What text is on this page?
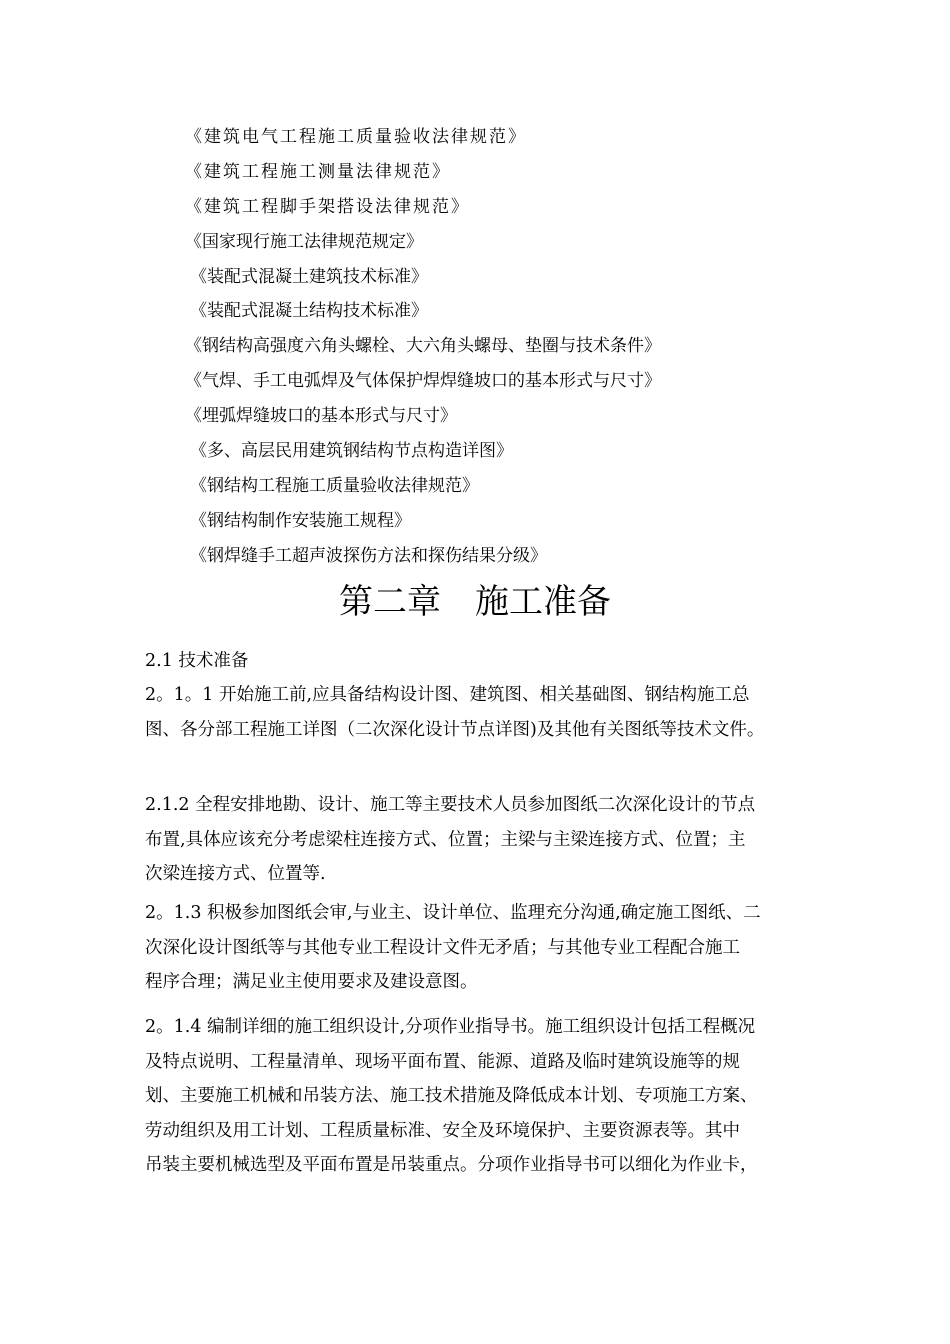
《建筑电气工程施工质量验收法律规范》
《建筑工程施工测量法律规范》
《建筑工程脚手架搭设法律规范》
《国家现行施工法律规范规定》
《装配式混凝土建筑技术标准》
《装配式混凝土结构技术标准》
《钢结构高强度六角头螺栓、大六角头螺母、垫圈与技术条件》
《气焊、手工电弧焊及气体保护焊焊缝坡口的基本形式与尺寸》
《埋弧焊缝坡口的基本形式与尺寸》
《多、高层民用建筑钢结构节点构造详图》
《钢结构工程施工质量验收法律规范》
《钢结构制作安装施工规程》
《钢焊缝手工超声波探伤方法和探伤结果分级》
第二章　施工准备
2.1 技术准备
2。1。1 开始施工前,应具备结构设计图、建筑图、相关基础图、钢结构施工总
图、各分部工程施工详图（二次深化设计节点详图)及其他有关图纸等技术文件。
2.1.2 全程安排地勘、设计、施工等主要技术人员参加图纸二次深化设计的节点
布置,具体应该充分考虑梁柱连接方式、位置；主梁与主梁连接方式、位置；主
次梁连接方式、位置等.
2。1.3 积极参加图纸会审,与业主、设计单位、监理充分沟通,确定施工图纸、二
次深化设计图纸等与其他专业工程设计文件无矛盾；与其他专业工程配合施工
程序合理；满足业主使用要求及建设意图。
2。1.4 编制详细的施工组织设计,分项作业指导书。施工组织设计包括工程概况
及特点说明、工程量清单、现场平面布置、能源、道路及临时建筑设施等的规
划、主要施工机械和吊装方法、施工技术措施及降低成本计划、专项施工方案、
劳动组织及用工计划、工程质量标准、安全及环境保护、主要资源表等。其中
吊装主要机械选型及平面布置是吊装重点。分项作业指导书可以细化为作业卡，
